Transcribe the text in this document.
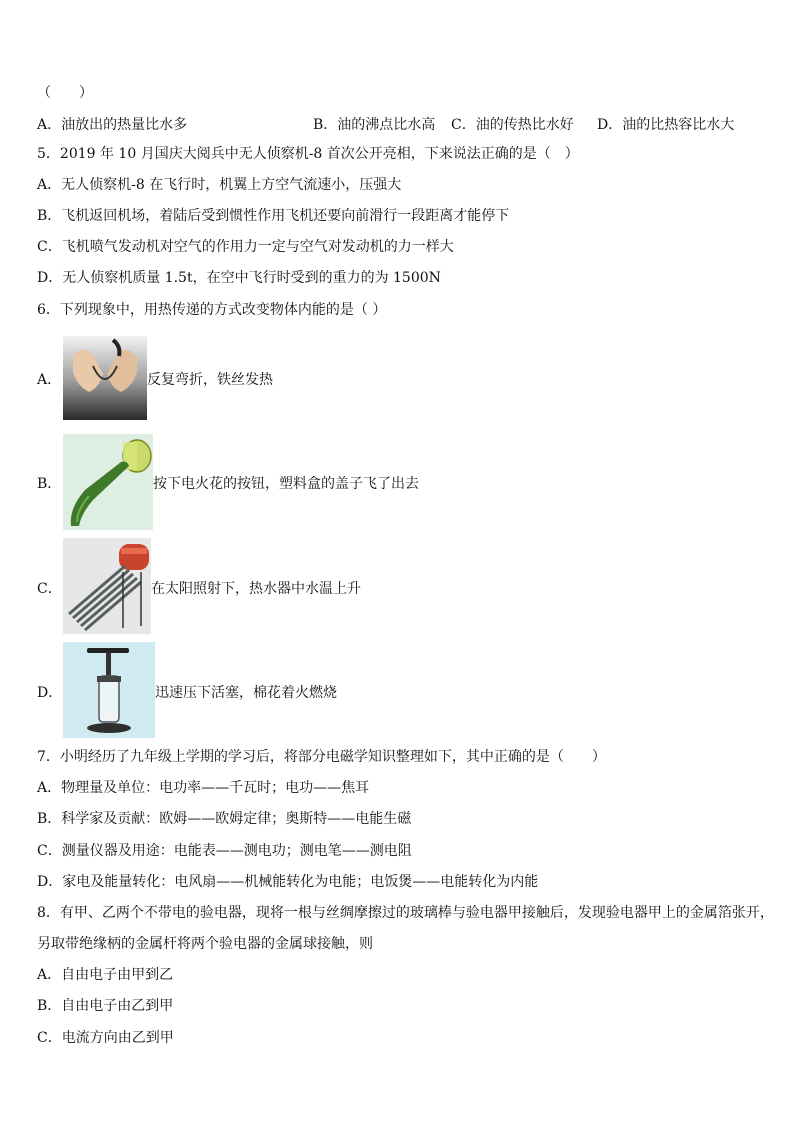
（　　）
A．油放出的热量比水多	B．油的沸点比水高 C．油的传热比水好 D．油的比热容比水大
5．2019 年 10 月国庆大阅兵中无人侦察机-8 首次公开亮相，下来说法正确的是（　）
A．无人侦察机-8 在飞行时，机翼上方空气流速小，压强大
B．飞机返回机场，着陆后受到惯性作用飞机还要向前滑行一段距离才能停下
C．飞机喷气发动机对空气的作用力一定与空气对发动机的力一样大
D．无人侦察机质量 1.5t，在空中飞行时受到的重力的为 1500N
6．下列现象中，用热传递的方式改变物体内能的是（ ）
A．	反复弯折，铁丝发热
B．	按下电火花的按钮，塑料盒的盖子飞了出去
C．	在太阳照射下，热水器中水温上升
D．	迅速压下活塞，棉花着火燃烧
7．小明经历了九年级上学期的学习后，将部分电磁学知识整理如下，其中正确的是（　　）
A．物理量及单位：电功率——千瓦时；电功——焦耳
B．科学家及贡献：欧姆——欧姆定律；奥斯特——电能生磁
C．测量仪器及用途：电能表——测电功；测电笔——测电阻
D．家电及能量转化：电风扇——机械能转化为电能；电饭煲——电能转化为内能
8．有甲、乙两个不带电的验电器，现将一根与丝绸摩擦过的玻璃棒与验电器甲接触后，发现验电器甲上的金属箔张开，
另取带绝缘柄的金属杆将两个验电器的金属球接触，则
A．自由电子由甲到乙
B．自由电子由乙到甲
C．电流方向由乙到甲
